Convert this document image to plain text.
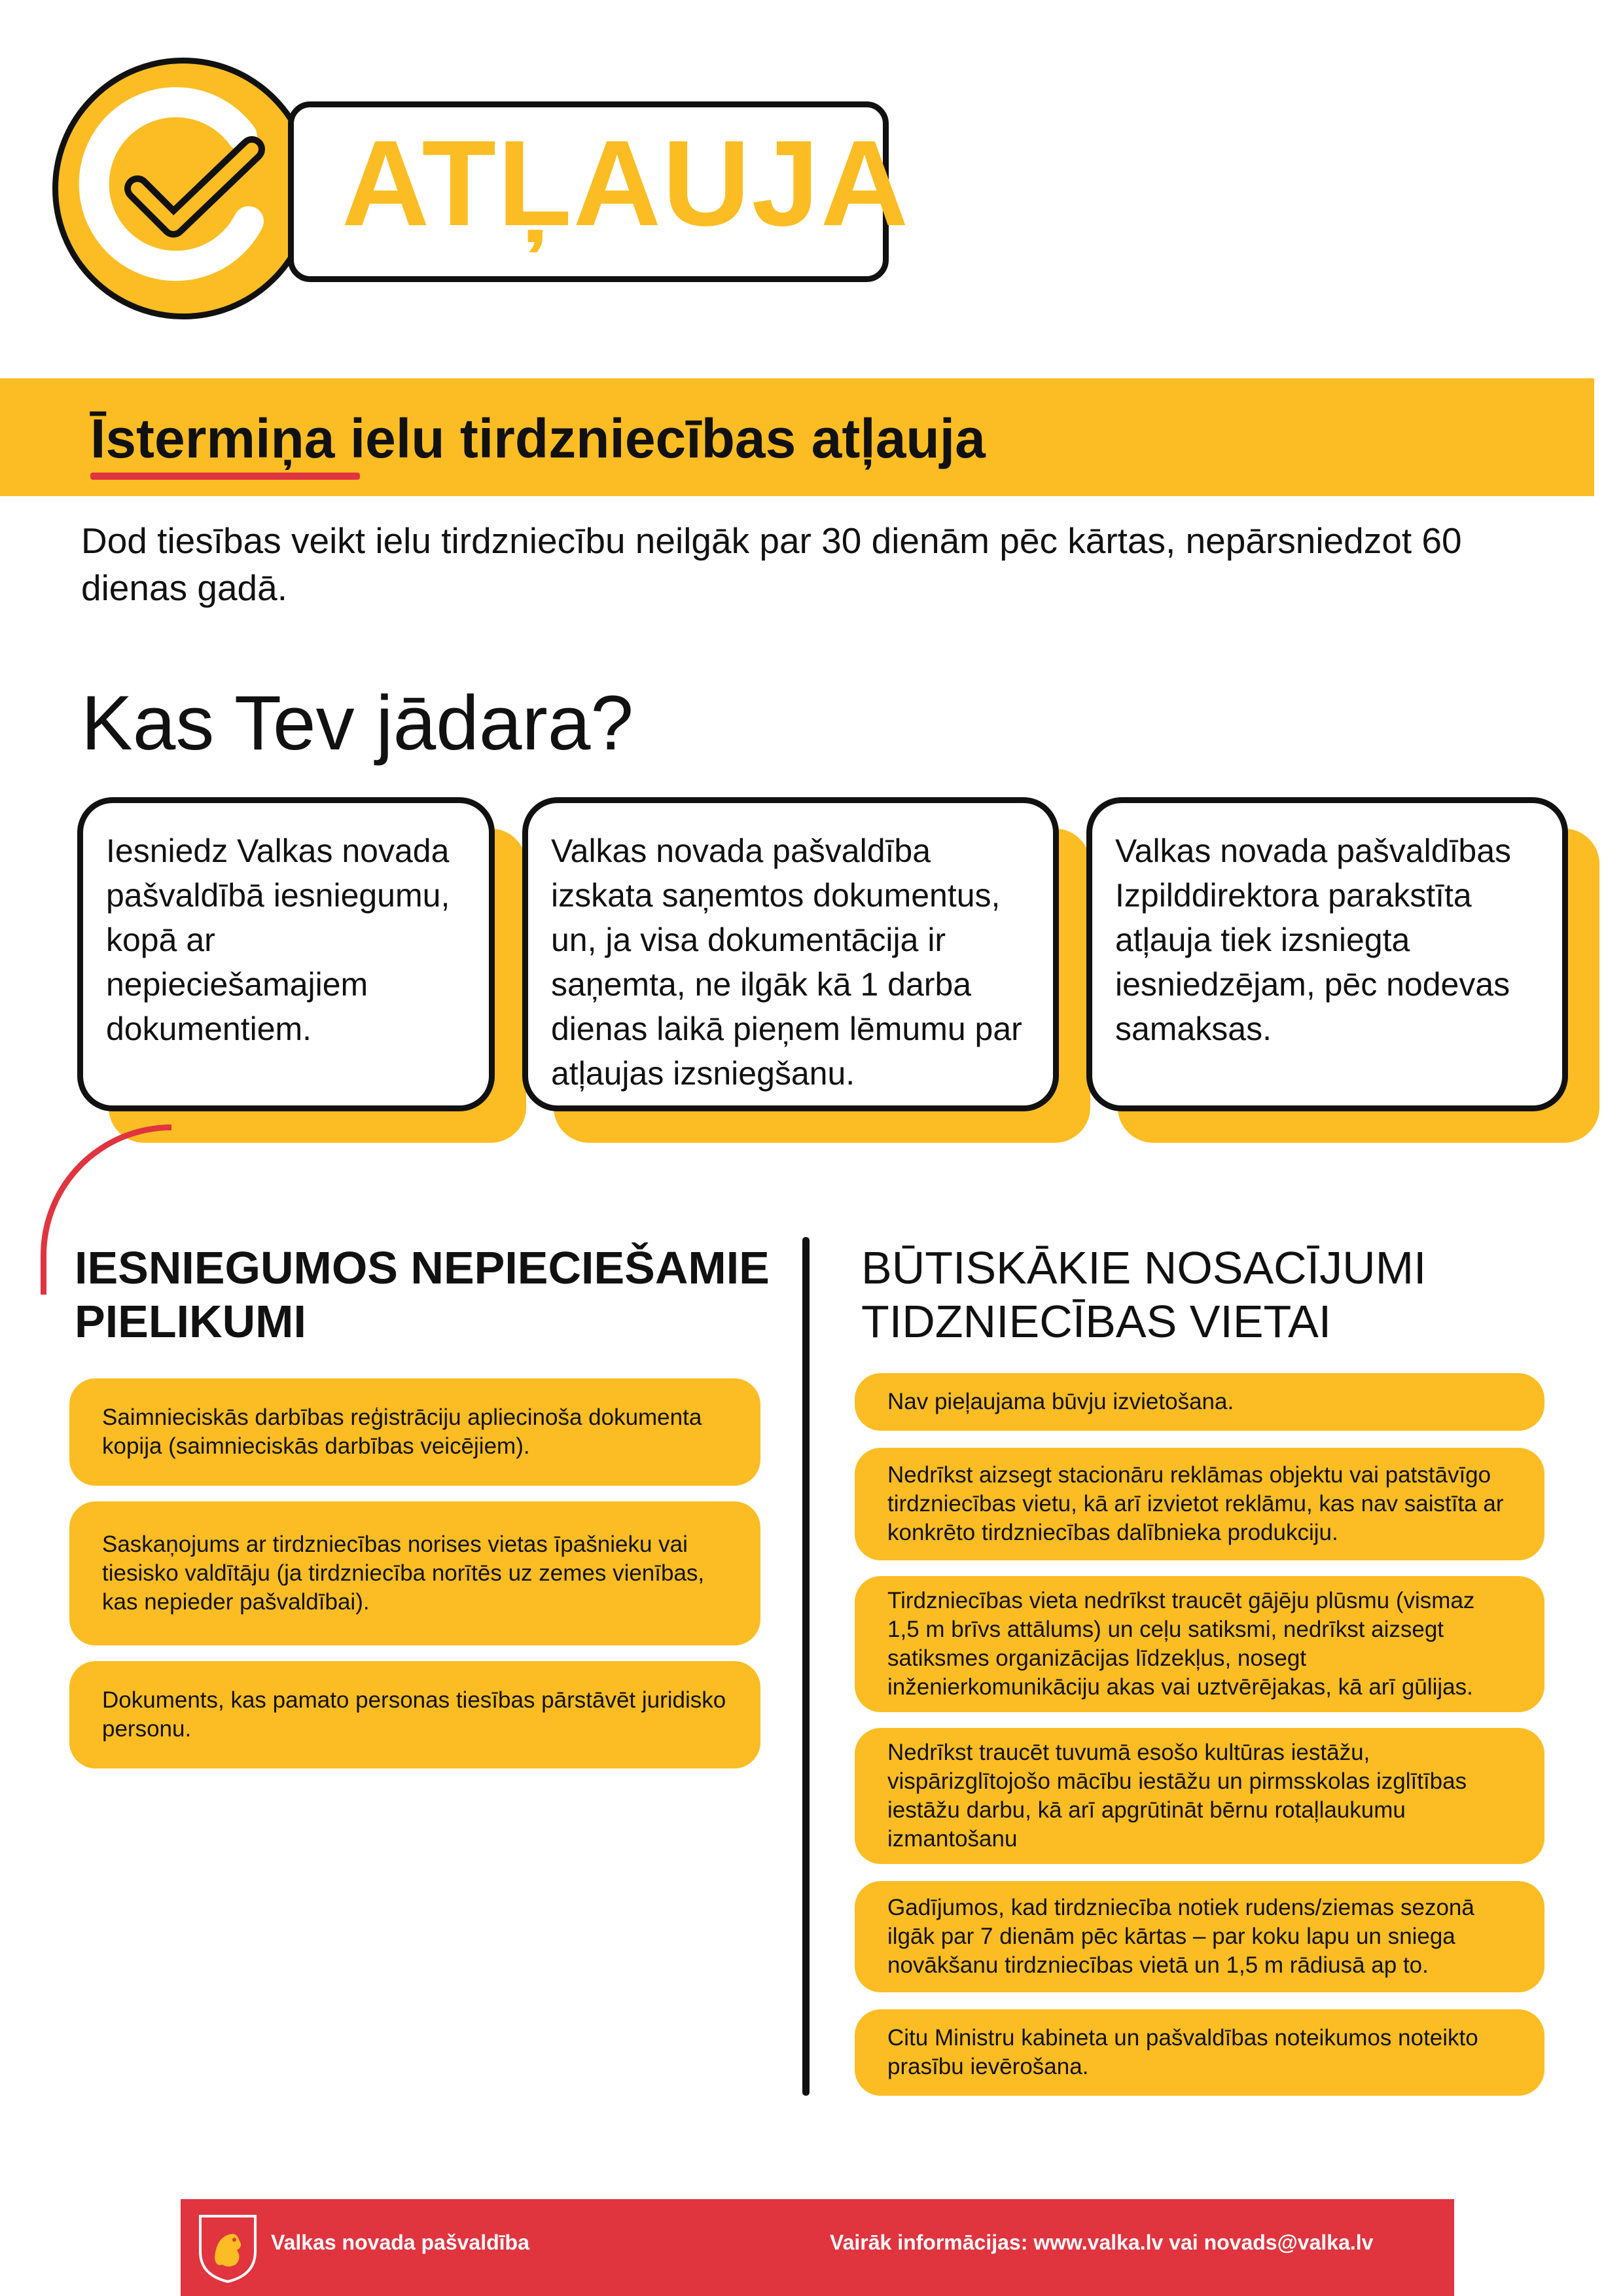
ATĻAUJA
Īstermiņa ielu tirdzniecības atļauja
Dod tiesības veikt ielu tirdzniecību neilgāk par 30 dienām pēc kārtas, nepārsniedzot 60 dienas gadā.
Kas Tev jādara?
Iesniedz Valkas novada pašvaldībā iesniegumu, kopā ar nepieciešamajiem dokumentiem.
Valkas novada pašvaldība izskata saņemtos dokumentus, un, ja visa dokumentācija ir saņemta, ne ilgāk kā 1 darba dienas laikā pieņem lēmumu par atļaujas izsniegšanu.
Valkas novada pašvaldības Izpilddirektora parakstīta atļauja tiek izsniegta iesniedzējam, pēc nodevas samaksas.
IESNIEGUMOS NEPIECIEŠAMIE PIELIKUMI
BŪTISKĀKIE NOSACĪJUMI TIDZNIECĪBAS VIETAI
Saimnieciskās darbības reģistrāciju apliecinoša dokumenta kopija (saimnieciskās darbības veicējiem).
Saskaņojums ar tirdzniecības norises vietas īpašnieku vai tiesisko valdītāju (ja tirdzniecība norītēs uz zemes vienības, kas nepieder pašvaldībai).
Dokuments, kas pamato personas tiesības pārstāvēt juridisko personu.
Nav pieļaujama būvju izvietošana.
Nedrīkst aizsegt stacionāru reklāmas objektu vai patstāvīgo tirdzniecības vietu, kā arī izvietot reklāmu, kas nav saistīta ar konkrēto tirdzniecības dalībnieka produkciju.
Tirdzniecības vieta nedrīkst traucēt gājēju plūsmu (vismaz 1,5 m brīvs attālums) un ceļu satiksmi, nedrīkst aizsegt satiksmes organizācijas līdzekļus, nosegt inženierkomunikāciju akas vai uztvērējakas, kā arī gūlijas.
Nedrīkst traucēt tuvumā esošo kultūras iestāžu, vispārizglītojošo mācību iestāžu un pirmsskolas izglītības iestāžu darbu, kā arī apgrūtināt bērnu rotaļlaukumu izmantošanu
Gadījumos, kad tirdzniecība notiek rudens/ziemas sezonā ilgāk par 7 dienām pēc kārtas – par koku lapu un sniega novākšanu tirdzniecības vietā un 1,5 m rādiusā ap to.
Citu Ministru kabineta un pašvaldības noteikumos noteikto prasību ievērošana.
Valkas novada pašvaldība	Vairāk informācijas: www.valka.lv vai novads@valka.lv
